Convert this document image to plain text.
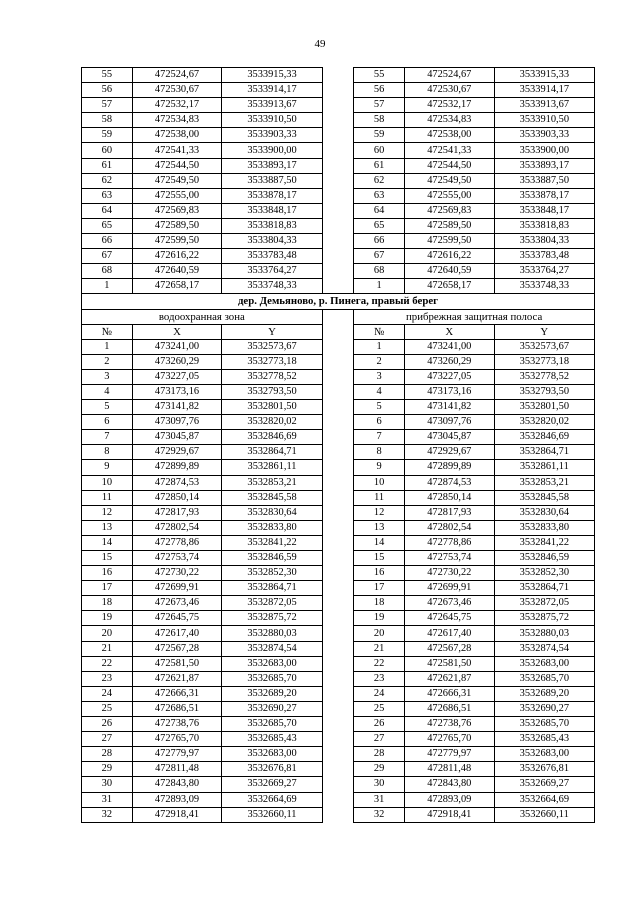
49
55	472524,67	3533915,33		55	472524,67	3533915,33
56	472530,67	3533914,17		56	472530,67	3533914,17
57	472532,17	3533913,67		57	472532,17	3533913,67
58	472534,83	3533910,50		58	472534,83	3533910,50
59	472538,00	3533903,33		59	472538,00	3533903,33
60	472541,33	3533900,00		60	472541,33	3533900,00
61	472544,50	3533893,17		61	472544,50	3533893,17
62	472549,50	3533887,50		62	472549,50	3533887,50
63	472555,00	3533878,17		63	472555,00	3533878,17
64	472569,83	3533848,17		64	472569,83	3533848,17
65	472589,50	3533818,83		65	472589,50	3533818,83
66	472599,50	3533804,33		66	472599,50	3533804,33
67	472616,22	3533783,48		67	472616,22	3533783,48
68	472640,59	3533764,27		68	472640,59	3533764,27
1	472658,17	3533748,33		1	472658,17	3533748,33
дер. Демьяново, р. Пинега, правый берег						
водоохранная зона				прибрежная защитная полоса		
№	X	Y		№	X	Y
1	473241,00	3532573,67		1	473241,00	3532573,67
2	473260,29	3532773,18		2	473260,29	3532773,18
3	473227,05	3532778,52		3	473227,05	3532778,52
4	473173,16	3532793,50		4	473173,16	3532793,50
5	473141,82	3532801,50		5	473141,82	3532801,50
6	473097,76	3532820,02		6	473097,76	3532820,02
7	473045,87	3532846,69		7	473045,87	3532846,69
8	472929,67	3532864,71		8	472929,67	3532864,71
9	472899,89	3532861,11		9	472899,89	3532861,11
10	472874,53	3532853,21		10	472874,53	3532853,21
11	472850,14	3532845,58		11	472850,14	3532845,58
12	472817,93	3532830,64		12	472817,93	3532830,64
13	472802,54	3532833,80		13	472802,54	3532833,80
14	472778,86	3532841,22		14	472778,86	3532841,22
15	472753,74	3532846,59		15	472753,74	3532846,59
16	472730,22	3532852,30		16	472730,22	3532852,30
17	472699,91	3532864,71		17	472699,91	3532864,71
18	472673,46	3532872,05		18	472673,46	3532872,05
19	472645,75	3532875,72		19	472645,75	3532875,72
20	472617,40	3532880,03		20	472617,40	3532880,03
21	472567,28	3532874,54		21	472567,28	3532874,54
22	472581,50	3532683,00		22	472581,50	3532683,00
23	472621,87	3532685,70		23	472621,87	3532685,70
24	472666,31	3532689,20		24	472666,31	3532689,20
25	472686,51	3532690,27		25	472686,51	3532690,27
26	472738,76	3532685,70		26	472738,76	3532685,70
27	472765,70	3532685,43		27	472765,70	3532685,43
28	472779,97	3532683,00		28	472779,97	3532683,00
29	472811,48	3532676,81		29	472811,48	3532676,81
30	472843,80	3532669,27		30	472843,80	3532669,27
31	472893,09	3532664,69		31	472893,09	3532664,69
32	472918,41	3532660,11		32	472918,41	3532660,11
